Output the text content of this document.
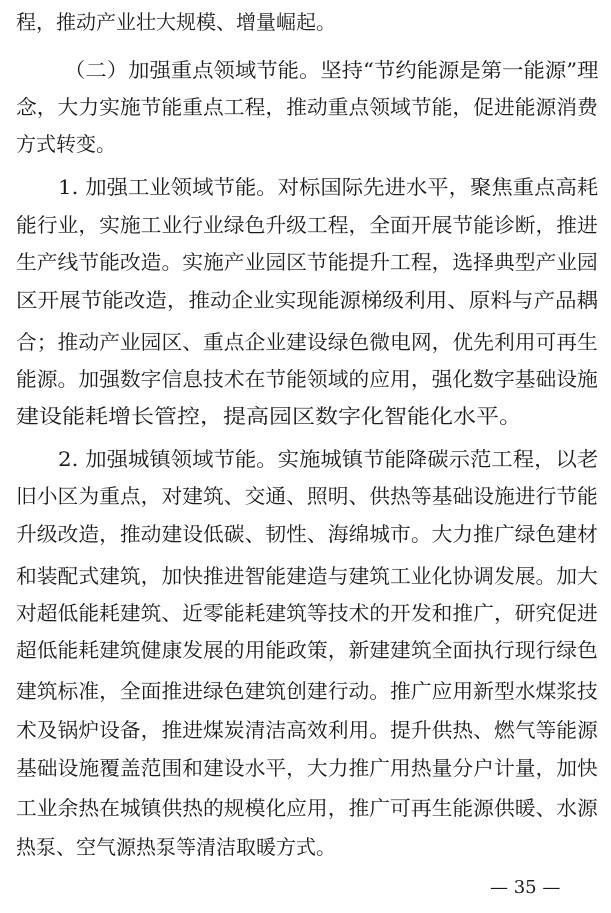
程，推动产业壮大规模、增量崛起。
（二）加强重点领域节能。坚持“节约能源是第一能源”理
念，大力实施节能重点工程，推动重点领域节能，促进能源消费
方式转变。
1. 加强工业领域节能。对标国际先进水平，聚焦重点高耗
能行业，实施工业行业绿色升级工程，全面开展节能诊断，推进
生产线节能改造。实施产业园区节能提升工程，选择典型产业园
区开展节能改造，推动企业实现能源梯级利用、原料与产品耦
合；推动产业园区、重点企业建设绿色微电网，优先利用可再生
能源。加强数字信息技术在节能领域的应用，强化数字基础设施
建设能耗增长管控，提高园区数字化智能化水平。
2. 加强城镇领域节能。实施城镇节能降碳示范工程，以老
旧小区为重点，对建筑、交通、照明、供热等基础设施进行节能
升级改造，推动建设低碳、韧性、海绵城市。大力推广绿色建材
和装配式建筑，加快推进智能建造与建筑工业化协调发展。加大
对超低能耗建筑、近零能耗建筑等技术的开发和推广，研究促进
超低能耗建筑健康发展的用能政策，新建建筑全面执行现行绿色
建筑标准，全面推进绿色建筑创建行动。推广应用新型水煤浆技
术及锅炉设备，推进煤炭清洁高效利用。提升供热、燃气等能源
基础设施覆盖范围和建设水平，大力推广用热量分户计量，加快
工业余热在城镇供热的规模化应用，推广可再生能源供暖、水源
热泵、空气源热泵等清洁取暖方式。
— 35 —
